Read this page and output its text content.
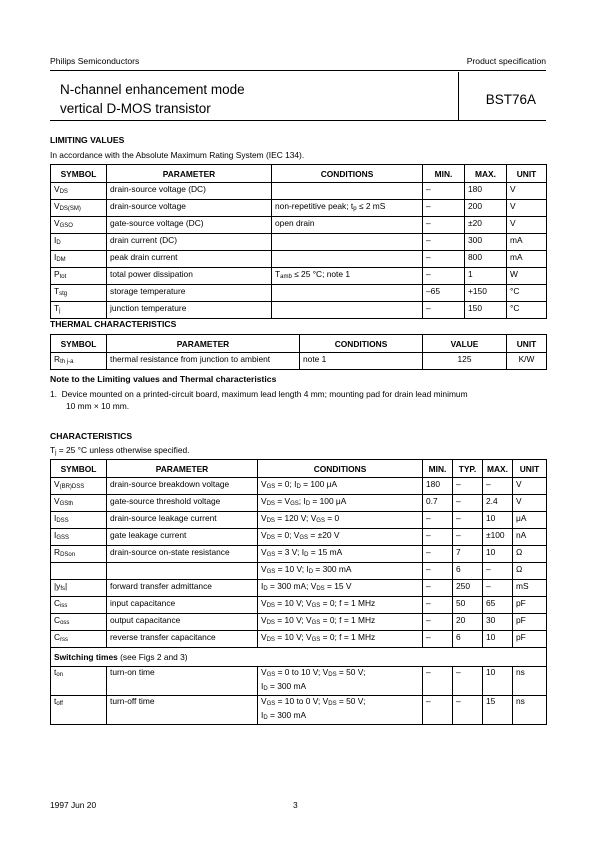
Philips Semiconductors	Product specification
N-channel enhancement mode
vertical D-MOS transistor
BST76A
LIMITING VALUES
In accordance with the Absolute Maximum Rating System (IEC 134).
SYMBOL	PARAMETER	CONDITIONS	MIN.	MAX.	UNIT
VDS	drain-source voltage (DC)		–	180	V
VDS(SM)	drain-source voltage	non-repetitive peak; tp ≤ 2 mS	–	200	V
VGSO	gate-source voltage (DC)	open drain	–	±20	V
ID	drain current (DC)		–	300	mA
IDM	peak drain current		–	800	mA
Ptot	total power dissipation	Tamb ≤ 25 °C; note 1	–	1	W
Tstg	storage temperature		–65	+150	°C
Tj	junction temperature		–	150	°C
THERMAL CHARACTERISTICS
SYMBOL	PARAMETER	CONDITIONS	VALUE	UNIT
Rth j-a	thermal resistance from junction to ambient	note 1	125	K/W
Note to the Limiting values and Thermal characteristics
1.  Device mounted on a printed-circuit board, maximum lead length 4 mm; mounting pad for drain lead minimum
10 mm × 10 mm.
CHARACTERISTICS
Tj = 25 °C unless otherwise specified.
SYMBOL	PARAMETER	CONDITIONS	MIN.	TYP.	MAX.	UNIT
V(BR)DSS	drain-source breakdown voltage	VGS = 0; ID = 100 μA	180	–	–	V
VGSth	gate-source threshold voltage	VDS = VGS; ID = 100 μA	0.7	–	2.4	V
IDSS	drain-source leakage current	VDS = 120 V; VGS = 0	–	–	10	μA
IGSS	gate leakage current	VDS = 0; VGS = ±20 V	–	–	±100	nA
RDSon	drain-source on-state resistance	VGS = 3 V; ID = 15 mA	–	7	10	Ω
		VGS = 10 V; ID = 300 mA	–	6	–	Ω
|yfs|	forward transfer admittance	ID = 300 mA; VDS = 15 V	–	250	–	mS
Ciss	input capacitance	VDS = 10 V; VGS = 0; f = 1 MHz	–	50	65	pF
Coss	output capacitance	VDS = 10 V; VGS = 0; f = 1 MHz	–	20	30	pF
Crss	reverse transfer capacitance	VDS = 10 V; VGS = 0; f = 1 MHz	–	6	10	pF
Switching times (see Figs 2 and 3)						
ton	turn-on time	VGS = 0 to 10 V; VDS = 50 V;
ID = 300 mA	–	–	10	ns
toff	turn-off time	VGS = 10 to 0 V; VDS = 50 V;
ID = 300 mA	–	–	15	ns
1997 Jun 20	3
